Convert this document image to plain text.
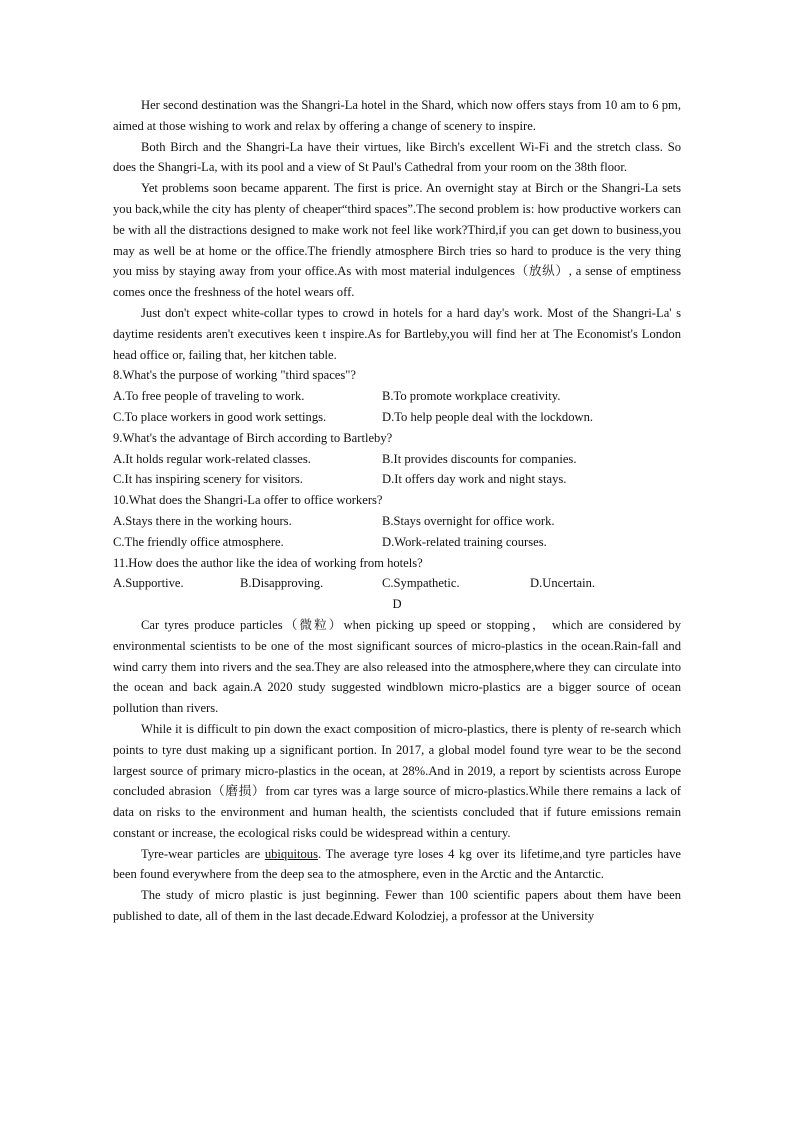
Her second destination was the Shangri-La hotel in the Shard, which now offers stays from 10 am to 6 pm, aimed at those wishing to work and relax by offering a change of scenery to inspire.

Both Birch and the Shangri-La have their virtues, like Birch's excellent Wi-Fi and the stretch class. So does the Shangri-La, with its pool and a view of St Paul's Cathedral from your room on the 38th floor.

Yet problems soon became apparent. The first is price. An overnight stay at Birch or the Shangri-La sets you back,while the city has plenty of cheaper“third spaces”.The second problem is: how productive workers can be with all the distractions designed to make work not feel like work?Third,if you can get down to business,you may as well be at home or the office.The friendly atmosphere Birch tries so hard to produce is the very thing you miss by staying away from your office.As with most material indulgences（放纵）, a sense of emptiness comes once the freshness of the hotel wears off.

Just don't expect white-collar types to crowd in hotels for a hard day's work. Most of the Shangri-La' s daytime residents aren't executives keen t inspire.As for Bartleby,you will find her at The Economist's London head office or, failing that, her kitchen table.

8.What's the purpose of working "third spaces"?
A.To free people of traveling to work.	B.To promote workplace creativity.
C.To place workers in good work settings.	D.To help people deal with the lockdown.
9.What's the advantage of Birch according to Bartleby?
A.It holds regular work-related classes.	B.It provides discounts for companies.
C.It has inspiring scenery for visitors.	D.It offers day work and night stays.
10.What does the Shangri-La offer to office workers?
A.Stays there in the working hours.	B.Stays overnight for office work.
C.The friendly office atmosphere.	D.Work-related training courses.
11.How does the author like the idea of working from hotels?
A.Supportive.	B.Disapproving.	C.Sympathetic.	D.Uncertain.
D

Car tyres produce particles（微粒）when picking up speed or stopping， which are considered by environmental scientists to be one of the most significant sources of micro-plastics in the ocean.Rain-fall and wind carry them into rivers and the sea.They are also released into the atmosphere,where they can circulate into the ocean and back again.A 2020 study suggested windblown micro-plastics are a bigger source of ocean pollution than rivers.

While it is difficult to pin down the exact composition of micro-plastics, there is plenty of re-search which points to tyre dust making up a significant portion. In 2017, a global model found tyre wear to be the second largest source of primary micro-plastics in the ocean, at 28%.And in 2019, a report by scientists across Europe concluded abrasion（磨损）from car tyres was a large source of micro-plastics.While there remains a lack of data on risks to the environment and human health, the scientists concluded that if future emissions remain constant or increase, the ecological risks could be widespread within a century.

Tyre-wear particles are ubiquitous. The average tyre loses 4 kg over its lifetime,and tyre particles have been found everywhere from the deep sea to the atmosphere, even in the Arctic and the Antarctic.

The study of micro plastic is just beginning. Fewer than 100 scientific papers about them have been published to date, all of them in the last decade.Edward Kolodziej, a professor at the University
